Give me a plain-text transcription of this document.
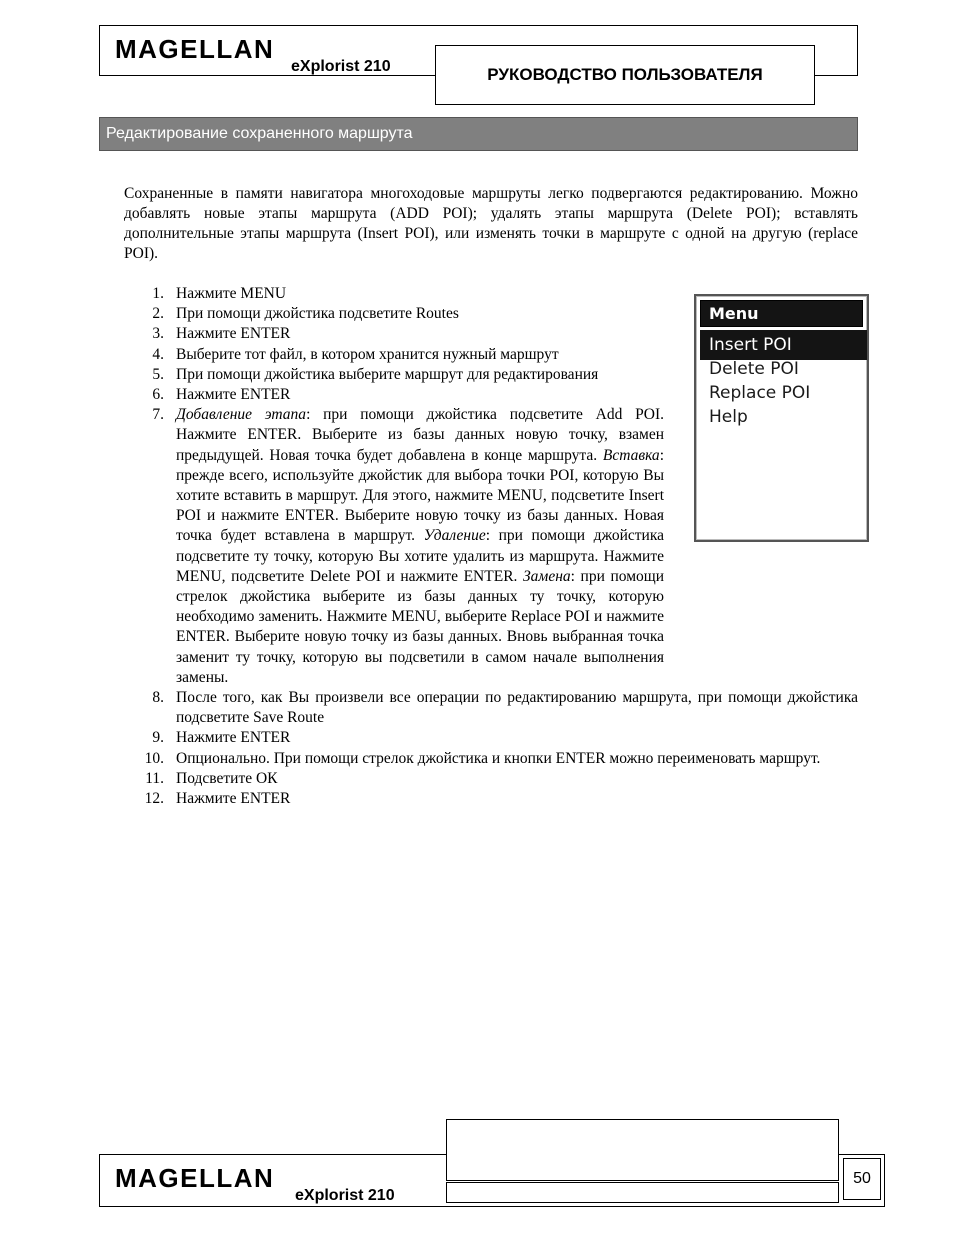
MAGELLAN
eXplorist 210	РУКОВОДСТВО ПОЛЬЗОВАТЕЛЯ
Редактирование сохраненного маршрута

Сохраненные в памяти навигатора многоходовые маршруты легко подвергаются редактированию. Можно добавлять новые этапы маршрута (ADD POI); удалять этапы маршрута (Delete POI); вставлять дополнительные этапы маршрута (Insert POI), или изменять точки в маршруте с одной на другую (replace POI).

1. Нажмите MENU
2. При помощи джойстика подсветите Routes
3. Нажмите ENTER
4. Выберите тот файл, в котором хранится нужный маршрут
5. При помощи джойстика выберите маршрут для редактирования
6. Нажмите ENTER
7. Добавление этапа: при помощи джойстика подсветите Add POI. Нажмите ENTER. Выберите из базы данных новую точку, взамен предыдущей. Новая точка будет добавлена в конце маршрута. Вставка: прежде всего, используйте джойстик для выбора точки POI, которую Вы хотите вставить в маршрут. Для этого, нажмите MENU, подсветите Insert POI и нажмите ENTER. Выберите новую точку из базы данных. Новая точка будет вставлена в маршрут. Удаление: при помощи джойстика подсветите ту точку, которую Вы хотите удалить из маршрута. Нажмите MENU, подсветите Delete POI и нажмите ENTER. Замена: при помощи стрелок джойстика выберите из базы данных ту точку, которую необходимо заменить. Нажмите MENU, выберите Replace POI и нажмите ENTER. Выберите новую точку из базы данных. Вновь выбранная точка заменит ту точку, которую вы подсветили в самом начале выполнения замены.
8. После того, как Вы произвели все операции по редактированию маршрута, при помощи джойстика подсветите Save Route
9. Нажмите ENTER
10. Опционально. При помощи стрелок джойстика и кнопки ENTER можно переименовать маршрут.
11. Подсветите ОК
12. Нажмите ENTER
Menu
Insert POI
Delete POI
Replace POI
Help
MAGELLAN
eXplorist 210
50
